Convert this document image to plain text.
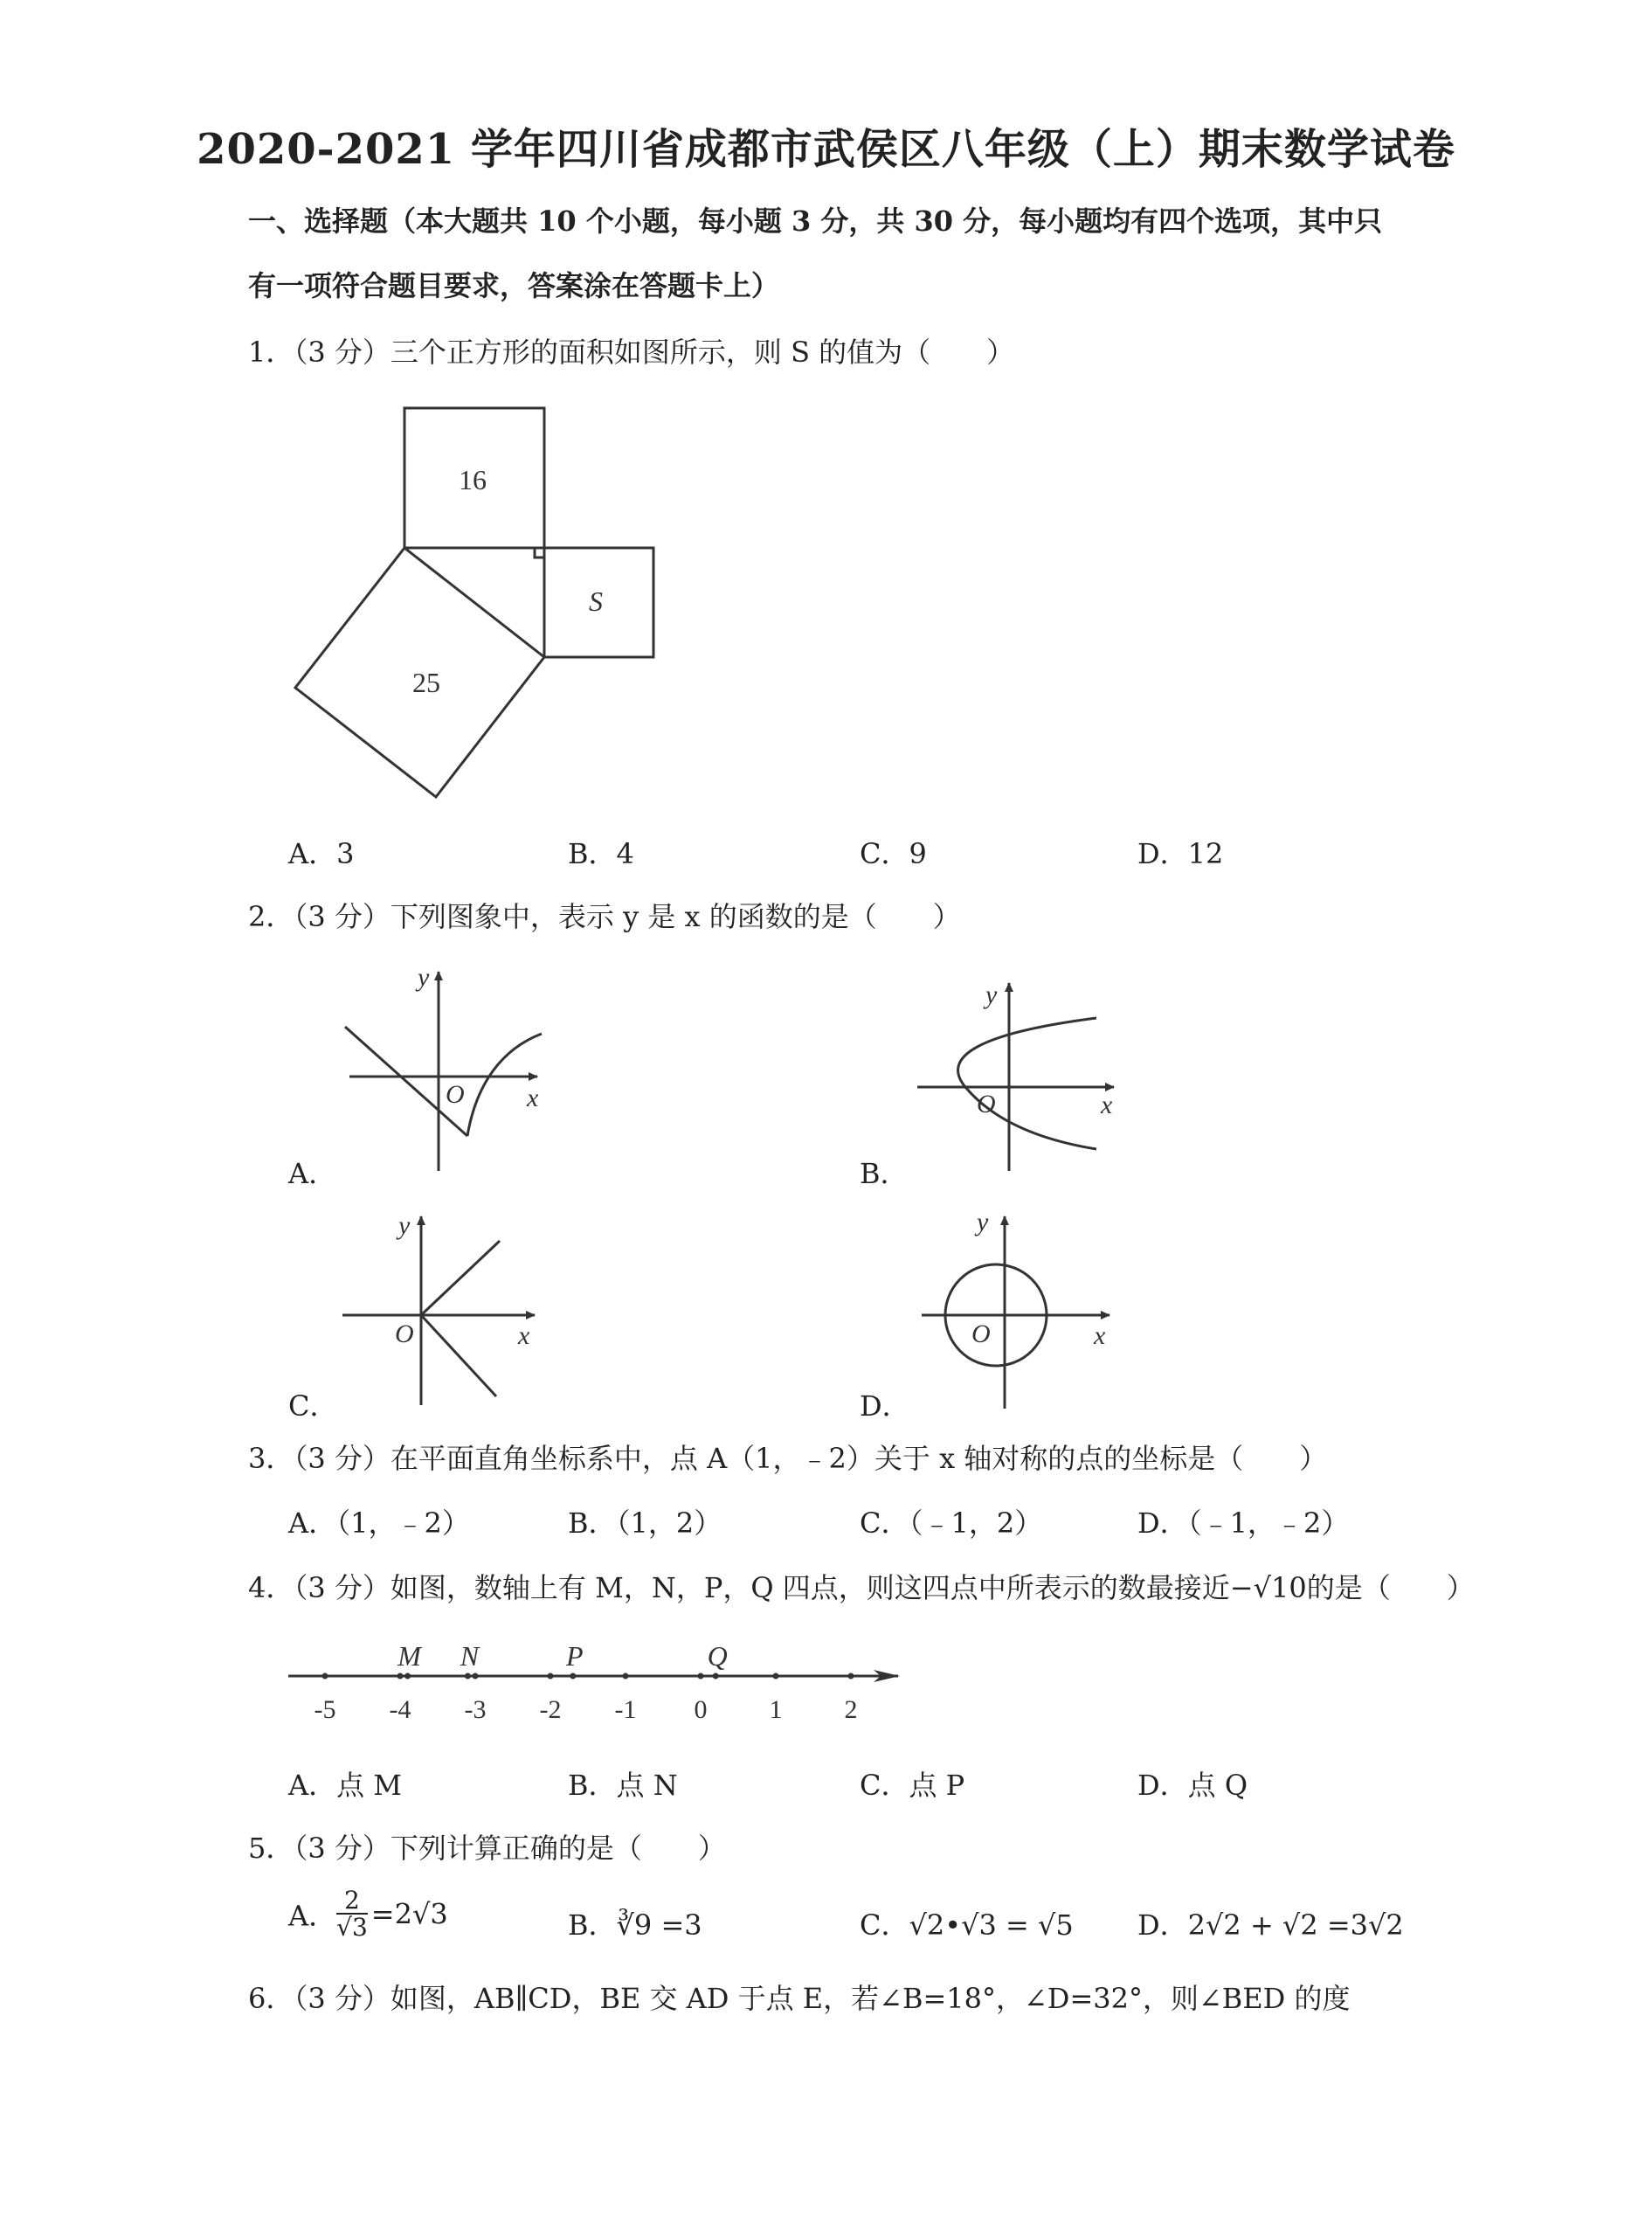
2020-2021 学年四川省成都市武侯区八年级（上）期末数学试卷
一、选择题（本大题共 10 个小题，每小题 3 分，共 30 分，每小题均有四个选项，其中只
有一项符合题目要求，答案涂在答题卡上）
1．（3 分）三个正方形的面积如图所示，则 S 的值为（　　）
16
S
25
A．3	B．4	C．9	D．12
2．（3 分）下列图象中，表示 y 是 x 的函数的是（　　）
y
O x
y
O	x
y
O	x
y
O	x
A．	B．
C．	D．
3．（3 分）在平面直角坐标系中，点 A（1，﹣2）关于 x 轴对称的点的坐标是（　　）
A．（1，﹣2）	B．（1，2）	C．（﹣1，2）	D．（﹣1，﹣2）
4．（3 分）如图，数轴上有 M，N，P，Q 四点，则这四点中所表示的数最接近−√10的是（　　）
-5 -4 -3 -2 -1 0 1 2
M N	P	Q
A．点 M	B．点 N	C．点 P	D．点 Q
5．（3 分）下列计算正确的是（　　）
A． $\frac{2}{√3} =2√3$	B．∛9 =3	C．√2•√3 = √5 D．2√2 + √2 =3√2
6．（3 分）如图，AB∥CD，BE 交 AD 于点 E，若∠B=18°，∠D=32°，则∠BED 的度
